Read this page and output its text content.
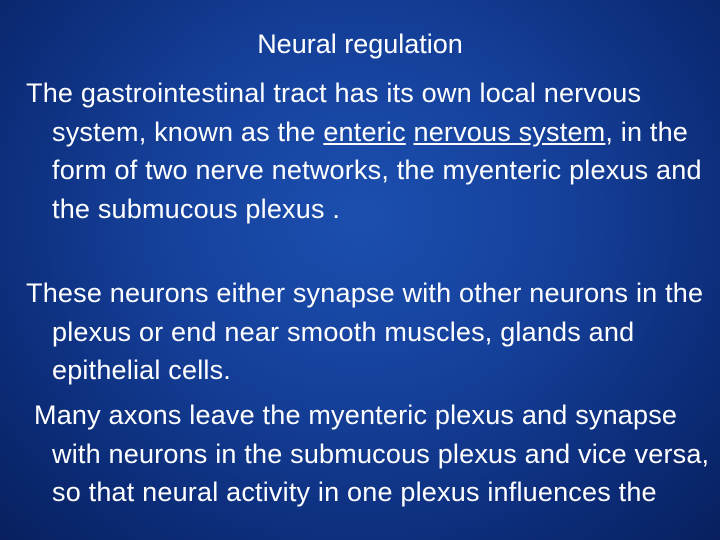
Neural regulation
The gastrointestinal tract has its own local nervous system, known as the enteric nervous system, in the form of two nerve networks, the myenteric plexus and the submucous plexus .
These neurons either synapse with other neurons in the plexus or end near smooth muscles, glands and epithelial cells.
Many axons leave the myenteric plexus and synapse with neurons in the submucous plexus and vice versa, so that neural activity in one plexus influences the
